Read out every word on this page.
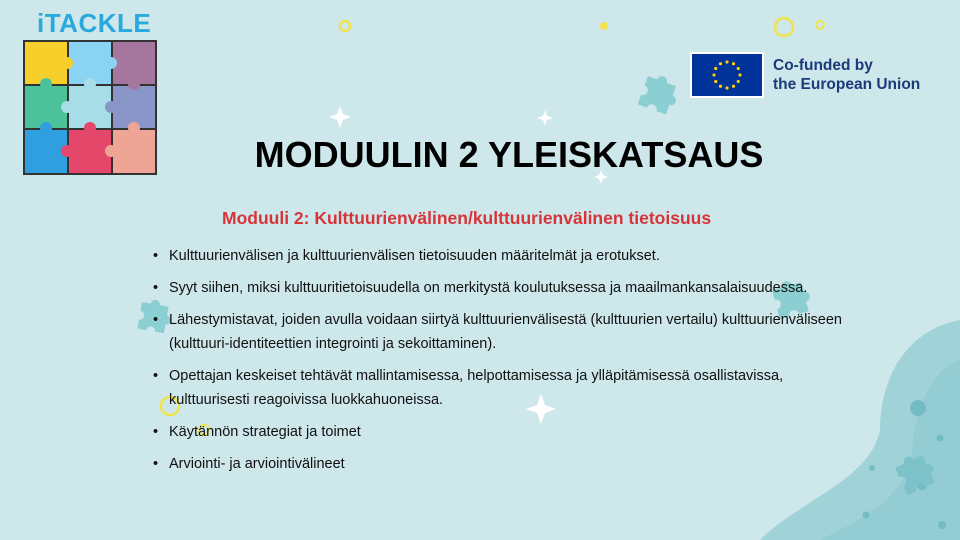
iTACKLE
Co-funded by
the European Union
MODUULIN 2 YLEISKATSAUS

Moduuli 2: Kulttuurienvälinen/kulttuurienvälinen tietoisuus

• Kulttuurienvälisen ja kulttuurienvälisen tietoisuuden määritelmät ja erotukset.
• Syyt siihen, miksi kulttuuritietoisuudella on merkitystä koulutuksessa ja maailmankansalaisuudessa.
• Lähestymistavat, joiden avulla voidaan siirtyä kulttuurienvälisestä (kulttuurien vertailu) kulttuurienväliseen (kulttuuri-identiteettien integrointi ja sekoittaminen).
• Opettajan keskeiset tehtävät mallintamisessa, helpottamisessa ja ylläpitämisessä osallistavissa, kulttuurisesti reagoivissa luokkahuoneissa.
• Käytännön strategiat ja toimet
• Arviointi- ja arviointivälineet
